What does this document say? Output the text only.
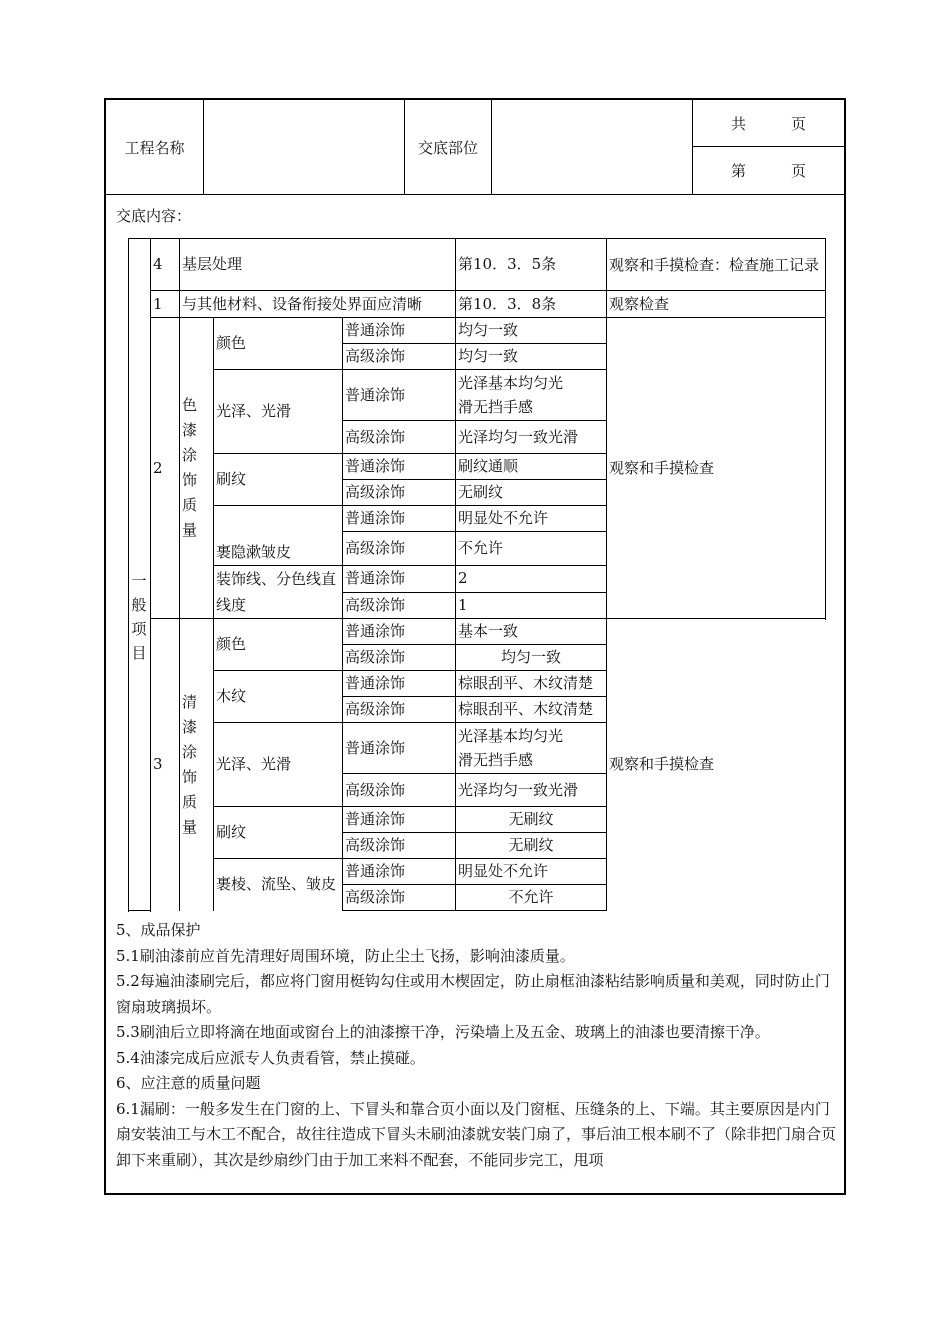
工程名称	交底部位
共　　　页
第　　　页
交底内容：
	4	基层处理			第10．3．5条	观察和手摸检查：检查施工记录

一般项目	1	与其他材料、设备衔接处界面应清晰			第10．3．8条	观察检查
	2	色漆涂饰质量	颜色	普通涂饰	均匀一致	观察和手摸检查
				高级涂饰	均匀一致	
			光泽、光滑	普通涂饰	光泽基本均匀光滑无挡手感	

				高级涂饰	光泽均匀一致光滑	
			刷纹	普通涂饰	刷纹通顺	
				高级涂饰	无刷纹	
			裹隐漱皱皮	普通涂饰	明显处不允许	
				高级涂饰	不允许	

			装饰线、分色线直线度	普通涂饰	2	
				高级涂饰	1	

	3	清漆涂饰质量	颜色	普通涂饰	基本一致	观察和手摸检查
				高级涂饰	均匀一致	
			木纹	普通涂饰	棕眼刮平、木纹清楚	
				高级涂饰	棕眼刮平、木纹清楚	
			光泽、光滑	普通涂饰	光泽基本均匀光滑无挡手感	

				高级涂饰	光泽均匀一致光滑	
			刷纹	普通涂饰	无刷纹	
				高级涂饰	无刷纹	

			裹棱、流坠、皱皮	普通涂饰	明显处不允许	
				高级涂饰	不允许	

5、成品保护

5.1刷油漆前应首先清理好周围环境，防止尘土飞扬，影响油漆质量。

5.2每遍油漆刷完后，都应将门窗用梃钩勾住或用木楔固定，防止扇框油漆粘结影响质量和美观，同时防止门窗扇玻璃损坏。

5.3刷油后立即将滴在地面或窗台上的油漆擦干净，污染墙上及五金、玻璃上的油漆也要清擦干净。

5.4油漆完成后应派专人负责看管，禁止摸碰。

6、应注意的质量问题

6.1漏刷：一般多发生在门窗的上、下冒头和靠合页小面以及门窗框、压缝条的上、下端。其主要原因是内门扇安装油工与木工不配合，故往往造成下冒头未刷油漆就安装门扇了，事后油工根本刷不了（除非把门扇合页卸下来重刷），其次是纱扇纱门由于加工来料不配套，不能同步完工，甩项
